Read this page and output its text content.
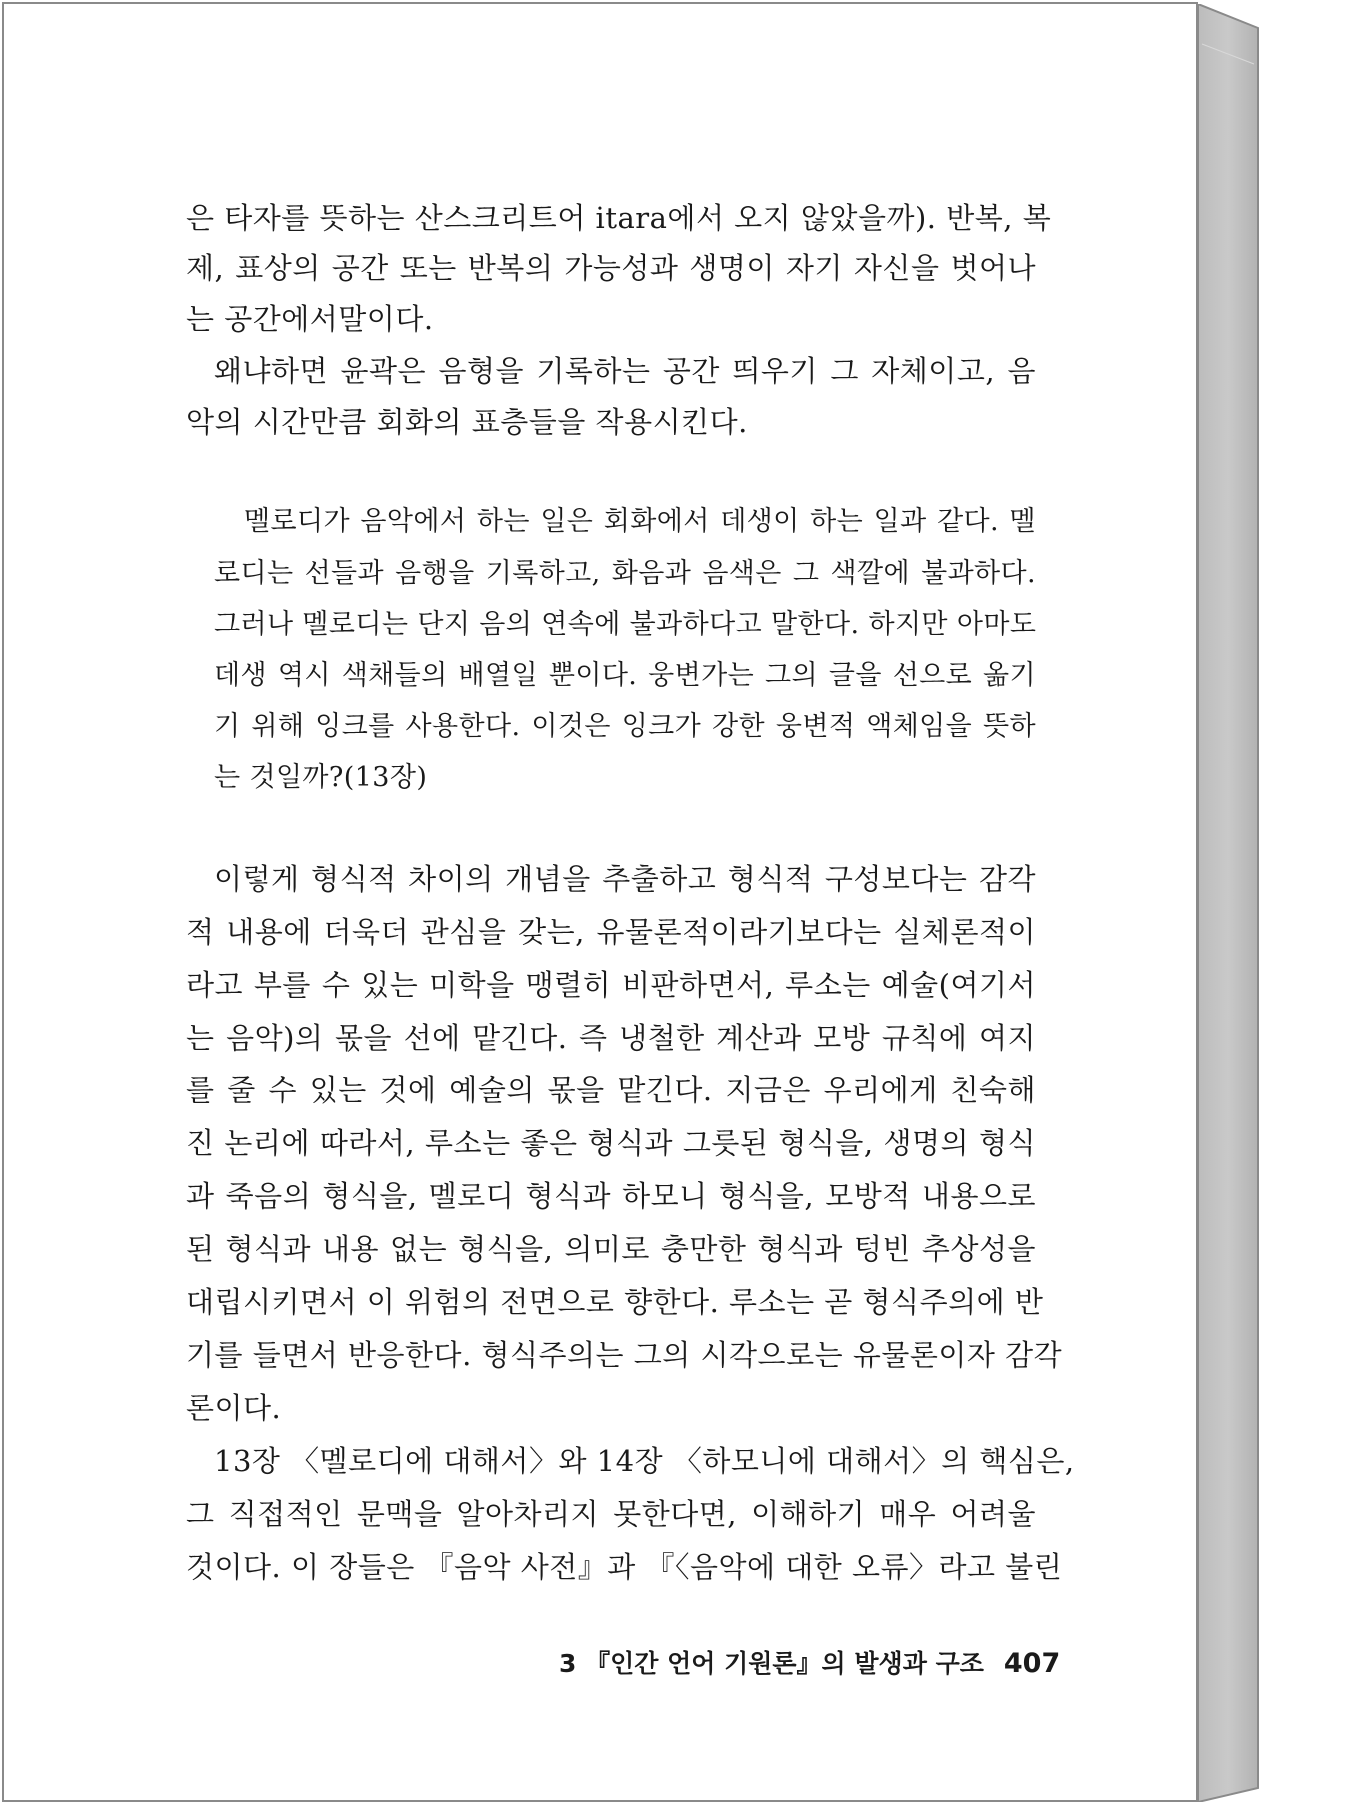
은 타자를 뜻하는 산스크리트어 itara에서 오지 않았을까). 반복, 복
제, 표상의 공간 또는 반복의 가능성과 생명이 자기 자신을 벗어나
는 공간에서말이다.
왜냐하면 윤곽은 음형을 기록하는 공간 띄우기 그 자체이고, 음
악의 시간만큼 회화의 표층들을 작용시킨다.
멜로디가 음악에서 하는 일은 회화에서 데생이 하는 일과 같다. 멜
로디는 선들과 음행을 기록하고, 화음과 음색은 그 색깔에 불과하다.
그러나 멜로디는 단지 음의 연속에 불과하다고 말한다. 하지만 아마도
데생 역시 색채들의 배열일 뿐이다. 웅변가는 그의 글을 선으로 옮기
기 위해 잉크를 사용한다. 이것은 잉크가 강한 웅변적 액체임을 뜻하
는 것일까?(13장)
이렇게 형식적 차이의 개념을 추출하고 형식적 구성보다는 감각
적 내용에 더욱더 관심을 갖는, 유물론적이라기보다는 실체론적이
라고 부를 수 있는 미학을 맹렬히 비판하면서, 루소는 예술(여기서
는 음악)의 몫을 선에 맡긴다. 즉 냉철한 계산과 모방 규칙에 여지
를 줄 수 있는 것에 예술의 몫을 맡긴다. 지금은 우리에게 친숙해
진 논리에 따라서, 루소는 좋은 형식과 그릇된 형식을, 생명의 형식
과 죽음의 형식을, 멜로디 형식과 하모니 형식을, 모방적 내용으로
된 형식과 내용 없는 형식을, 의미로 충만한 형식과 텅빈 추상성을
대립시키면서 이 위험의 전면으로 향한다. 루소는 곧 형식주의에 반
기를 들면서 반응한다. 형식주의는 그의 시각으로는 유물론이자 감각
론이다.
13장 〈멜로디에 대해서〉와 14장 〈하모니에 대해서〉의 핵심은,
그 직접적인 문맥을 알아차리지 못한다면, 이해하기 매우 어려울
것이다. 이 장들은 『음악 사전』과 『〈음악에 대한 오류〉라고 불린
3 『인간 언어 기원론』의 발생과 구조 407
